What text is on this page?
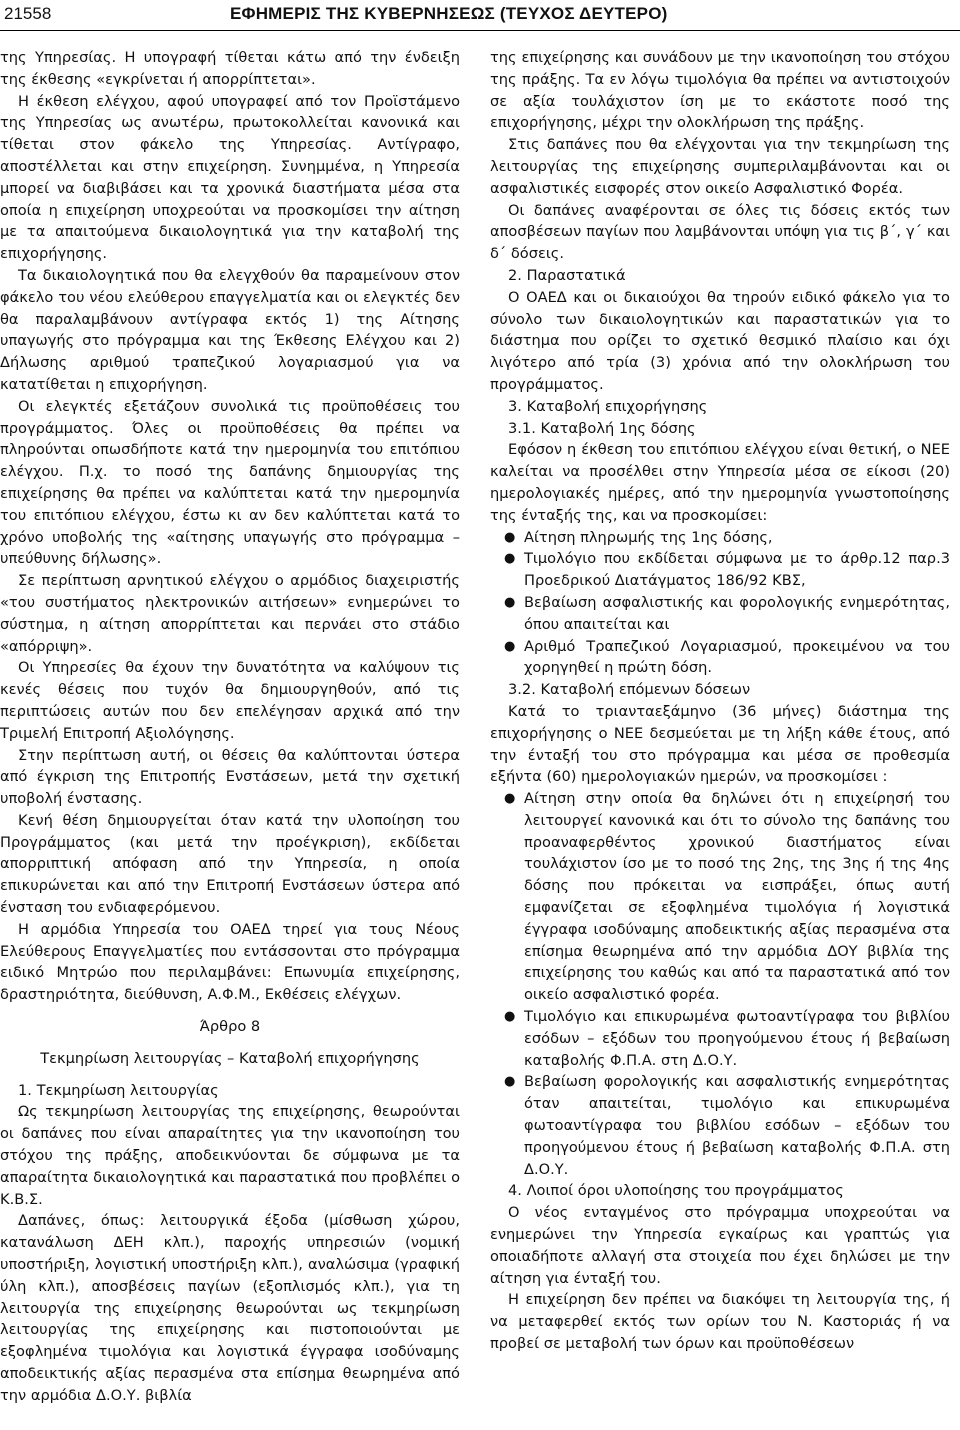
21558	ΕΦΗΜΕΡΙΣ ΤΗΣ ΚΥΒΕΡΝΗΣΕΩΣ (ΤΕΥΧΟΣ ΔΕΥΤΕΡΟ)

της Υπηρεσίας. Η υπογραφή τίθεται κάτω από την ένδειξη της έκθεσης «εγκρίνεται ή απορρίπτεται».

Η έκθεση ελέγχου, αφού υπογραφεί από τον Προϊστάμενο της Υπηρεσίας ως ανωτέρω, πρωτοκολλείται κανονικά και τίθεται στον φάκελο της Υπηρεσίας. Αντίγραφο, αποστέλλεται και στην επιχείρηση. Συνημμένα, η Υπηρεσία μπορεί να διαβιβάσει και τα χρονικά διαστήματα μέσα στα οποία η επιχείρηση υποχρεούται να προσκομίσει την αίτηση με τα απαιτούμενα δικαιολογητικά για την καταβολή της επιχορήγησης.

Τα δικαιολογητικά που θα ελεγχθούν θα παραμείνουν στον φάκελο του νέου ελεύθερου επαγγελματία και οι ελεγκτές δεν θα παραλαμβάνουν αντίγραφα εκτός 1) της Αίτησης υπαγωγής στο πρόγραμμα και της Έκθεσης Ελέγχου και 2) Δήλωσης αριθμού τραπεζικού λογαριασμού για να κατατίθεται η επιχορήγηση.

Οι ελεγκτές εξετάζουν συνολικά τις προϋποθέσεις του προγράμματος. Όλες οι προϋποθέσεις θα πρέπει να πληρούνται οπωσδήποτε κατά την ημερομηνία του επιτόπιου ελέγχου. Π.χ. το ποσό της δαπάνης δημιουργίας της επιχείρησης θα πρέπει να καλύπτεται κατά την ημερομηνία του επιτόπιου ελέγχου, έστω κι αν δεν καλύπτεται κατά το χρόνο υποβολής της «αίτησης υπαγωγής στο πρόγραμμα – υπεύθυνης δήλωσης».

Σε περίπτωση αρνητικού ελέγχου ο αρμόδιος διαχειριστής «του συστήματος ηλεκτρονικών αιτήσεων» ενημερώνει το σύστημα, η αίτηση απορρίπτεται και περνάει στο στάδιο «απόρριψη».

Οι Υπηρεσίες θα έχουν την δυνατότητα να καλύψουν τις κενές θέσεις που τυχόν θα δημιουργηθούν, από τις περιπτώσεις αυτών που δεν επελέγησαν αρχικά από την Τριμελή Επιτροπή Αξιολόγησης.

Στην περίπτωση αυτή, οι θέσεις θα καλύπτονται ύστερα από έγκριση της Επιτροπής Ενστάσεων, μετά την σχετική υποβολή ένστασης.

Κενή θέση δημιουργείται όταν κατά την υλοποίηση του Προγράμματος (και μετά την προέγκριση), εκδίδεται απορριπτική απόφαση από την Υπηρεσία, η οποία επικυρώνεται και από την Επιτροπή Ενστάσεων ύστερα από ένσταση του ενδιαφερόμενου.

Η αρμόδια Υπηρεσία του ΟΑΕΔ τηρεί για τους Νέους Ελεύθερους Επαγγελματίες που εντάσσονται στο πρόγραμμα ειδικό Μητρώο που περιλαμβάνει: Επωνυμία επιχείρησης, δραστηριότητα, διεύθυνση, Α.Φ.Μ., Εκθέσεις ελέγχων.

Άρθρο 8

Τεκμηρίωση λειτουργίας – Καταβολή επιχορήγησης

1. Τεκμηρίωση λειτουργίας

Ως τεκμηρίωση λειτουργίας της επιχείρησης, θεωρούνται οι δαπάνες που είναι απαραίτητες για την ικανοποίηση του στόχου της πράξης, αποδεικνύονται δε σύμφωνα με τα απαραίτητα δικαιολογητικά και παραστατικά που προβλέπει ο Κ.Β.Σ.

Δαπάνες, όπως: λειτουργικά έξοδα (μίσθωση χώρου, κατανάλωση ΔΕΗ κλπ.), παροχής υπηρεσιών (νομική υποστήριξη, λογιστική υποστήριξη κλπ.), αναλώσιμα (γραφική ύλη κλπ.), αποσβέσεις παγίων (εξοπλισμός κλπ.), για τη λειτουργία της επιχείρησης θεωρούνται ως τεκμηρίωση λειτουργίας της επιχείρησης και πιστοποιούνται με εξοφλημένα τιμολόγια και λογιστικά έγγραφα ισοδύναμης αποδεικτικής αξίας περασμένα στα επίσημα θεωρημένα από την αρμόδια Δ.Ο.Υ. βιβλία

της επιχείρησης και συνάδουν με την ικανοποίηση του στόχου της πράξης. Τα εν λόγω τιμολόγια θα πρέπει να αντιστοιχούν σε αξία τουλάχιστον ίση με το εκάστοτε ποσό της επιχορήγησης, μέχρι την ολοκλήρωση της πράξης.

Στις δαπάνες που θα ελέγχονται για την τεκμηρίωση της λειτουργίας της επιχείρησης συμπεριλαμβάνονται και οι ασφαλιστικές εισφορές στον οικείο Ασφαλιστικό Φορέα.

Οι δαπάνες αναφέρονται σε όλες τις δόσεις εκτός των αποσβέσεων παγίων που λαμβάνονται υπόψη για τις β΄, γ΄ και δ΄ δόσεις.

2. Παραστατικά

Ο ΟΑΕΔ και οι δικαιούχοι θα τηρούν ειδικό φάκελο για το σύνολο των δικαιολογητικών και παραστατικών για το διάστημα που ορίζει το σχετικό θεσμικό πλαίσιο και όχι λιγότερο από τρία (3) χρόνια από την ολοκλήρωση του προγράμματος.

3. Καταβολή επιχορήγησης

3.1. Καταβολή 1ης δόσης

Εφόσον η έκθεση του επιτόπιου ελέγχου είναι θετική, ο ΝΕΕ καλείται να προσέλθει στην Υπηρεσία μέσα σε είκοσι (20) ημερολογιακές ημέρες, από την ημερομηνία γνωστοποίησης της ένταξής της, και να προσκομίσει:

● Αίτηση πληρωμής της 1ης δόσης,

● Τιμολόγιο που εκδίδεται σύμφωνα με το άρθρ.12 παρ.3 Προεδρικού Διατάγματος 186/92 ΚΒΣ,

● Βεβαίωση ασφαλιστικής και φορολογικής ενημερότητας, όπου απαιτείται και

● Αριθμό Τραπεζικού Λογαριασμού, προκειμένου να του χορηγηθεί η πρώτη δόση.

3.2. Καταβολή επόμενων δόσεων

Κατά το τριανταεξάμηνο (36 μήνες) διάστημα της επιχορήγησης ο ΝΕΕ δεσμεύεται με τη λήξη κάθε έτους, από την ένταξή του στο πρόγραμμα και μέσα σε προθεσμία εξήντα (60) ημερολογιακών ημερών, να προσκομίσει :

● Αίτηση στην οποία θα δηλώνει ότι η επιχείρησή του λειτουργεί κανονικά και ότι το σύνολο της δαπάνης του προαναφερθέντος χρονικού διαστήματος είναι τουλάχιστον ίσο με το ποσό της 2ης, της 3ης ή της 4ης δόσης που πρόκειται να εισπράξει, όπως αυτή εμφανίζεται σε εξοφλημένα τιμολόγια ή λογιστικά έγγραφα ισοδύναμης αποδεικτικής αξίας περασμένα στα επίσημα θεωρημένα από την αρμόδια ΔΟΥ βιβλία της επιχείρησης του καθώς και από τα παραστατικά από τον οικείο ασφαλιστικό φορέα.

● Τιμολόγιο και επικυρωμένα φωτοαντίγραφα του βιβλίου εσόδων – εξόδων του προηγούμενου έτους ή βεβαίωση καταβολής Φ.Π.Α. στη Δ.Ο.Υ.

● Βεβαίωση φορολογικής και ασφαλιστικής ενημερότητας όταν απαιτείται, τιμολόγιο και επικυρωμένα φωτοαντίγραφα του βιβλίου εσόδων – εξόδων του προηγούμενου έτους ή βεβαίωση καταβολής Φ.Π.Α. στη Δ.Ο.Υ.

4. Λοιποί όροι υλοποίησης του προγράμματος

Ο νέος ενταγμένος στο πρόγραμμα υποχρεούται να ενημερώνει την Υπηρεσία εγκαίρως και γραπτώς για οποιαδήποτε αλλαγή στα στοιχεία που έχει δηλώσει με την αίτηση για ένταξή του.

Η επιχείρηση δεν πρέπει να διακόψει τη λειτουργία της, ή να μεταφερθεί εκτός των ορίων του Ν. Καστοριάς ή να προβεί σε μεταβολή των όρων και προϋποθέσεων
